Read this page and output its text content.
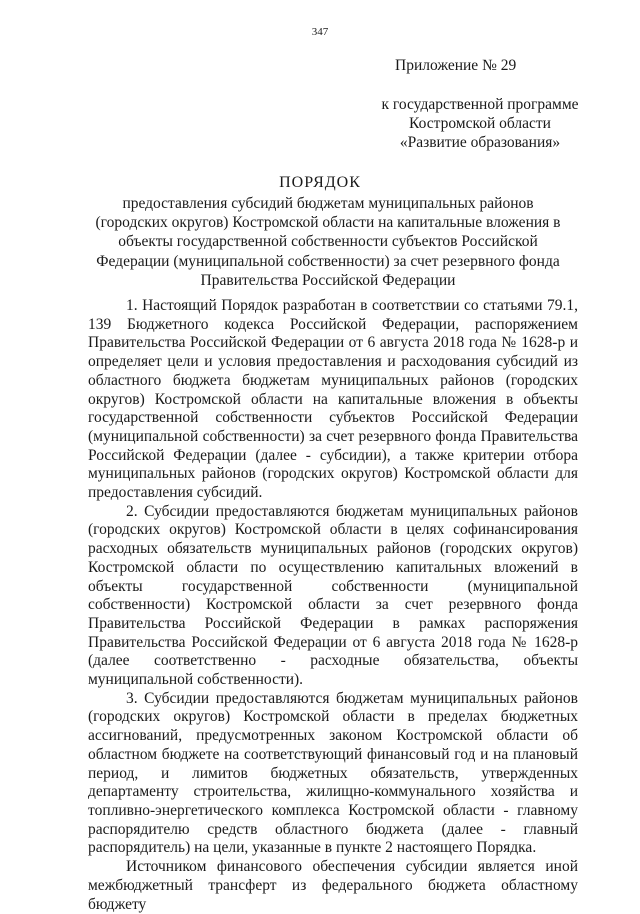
347
Приложение № 29
к государственной программе
Костромской области
«Развитие образования»
ПОРЯДОК
предоставления субсидий бюджетам муниципальных районов (городских округов) Костромской области на капитальные вложения в объекты государственной собственности субъектов Российской Федерации (муниципальной собственности) за счет резервного фонда Правительства Российской Федерации

1. Настоящий Порядок разработан в соответствии со статьями 79.1, 139 Бюджетного кодекса Российской Федерации, распоряжением Правительства Российской Федерации от 6 августа 2018 года № 1628-р и определяет цели и условия предоставления и расходования субсидий из областного бюджета бюджетам муниципальных районов (городских округов) Костромской области на капитальные вложения в объекты государственной собственности субъектов Российской Федерации (муниципальной собственности) за счет резервного фонда Правительства Российской Федерации (далее - субсидии), а также критерии отбора муниципальных районов (городских округов) Костромской области для предоставления субсидий.

2. Субсидии предоставляются бюджетам муниципальных районов (городских округов) Костромской области в целях софинансирования расходных обязательств муниципальных районов (городских округов) Костромской области по осуществлению капитальных вложений в объекты государственной собственности (муниципальной собственности) Костромской области за счет резервного фонда Правительства Российской Федерации в рамках распоряжения Правительства Российской Федерации от 6 августа 2018 года № 1628-р (далее соответственно - расходные обязательства, объекты муниципальной собственности).

3. Субсидии предоставляются бюджетам муниципальных районов (городских округов) Костромской области в пределах бюджетных ассигнований, предусмотренных законом Костромской области об областном бюджете на соответствующий финансовый год и на плановый период, и лимитов бюджетных обязательств, утвержденных департаменту строительства, жилищно-коммунального хозяйства и топливно-энергетического комплекса Костромской области - главному распорядителю средств областного бюджета (далее - главный распорядитель) на цели, указанные в пункте 2 настоящего Порядка.

Источником финансового обеспечения субсидии является иной межбюджетный трансферт из федерального бюджета областному бюджету
